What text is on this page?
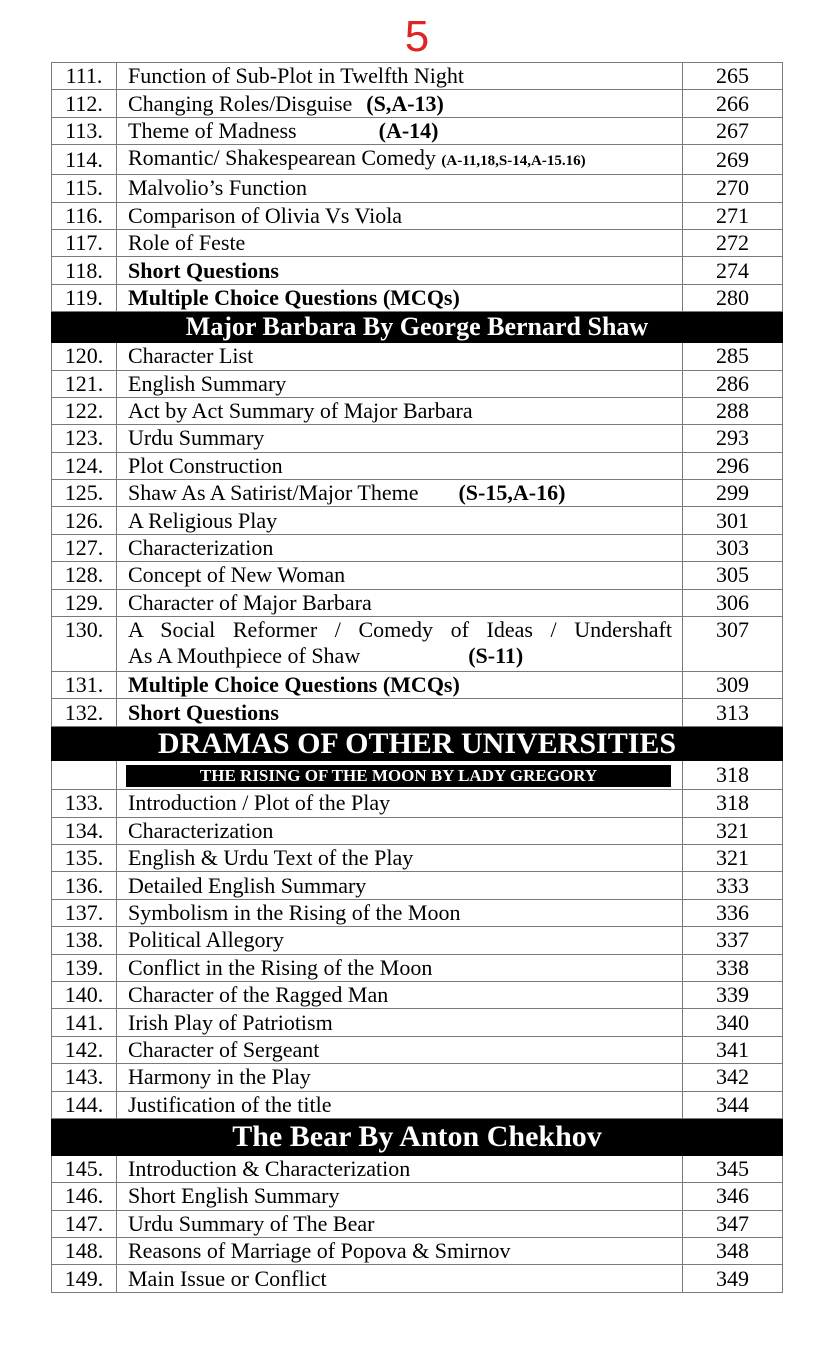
5
111.	Function of Sub-Plot in Twelfth Night	265
112.	Changing Roles/Disguise (S,A-13)	266
113.	Theme of Madness (A-14)	267
114.	Romantic/ Shakespearean Comedy (A-11,18,S-14,A-15.16)	269
115.	Malvolio’s Function	270
116.	Comparison of Olivia Vs Viola	271
117.	Role of Feste	272
118.	Short Questions	274
119.	Multiple Choice Questions (MCQs)	280
Major Barbara By George Bernard Shaw		
120.	Character List	285
121.	English Summary	286
122.	Act by Act Summary of Major Barbara	288
123.	Urdu Summary	293
124.	Plot Construction	296
125.	Shaw As A Satirist/Major Theme (S-15,A-16)	299
126.	A Religious Play	301
127.	Characterization	303
128.	Concept of New Woman	305
129.	Character of Major Barbara	306
130.	A Social Reformer / Comedy of Ideas / Undershaft
As A Mouthpiece of Shaw (S-11)	307
131.	Multiple Choice Questions (MCQs)	309
132.	Short Questions	313
DRAMAS OF OTHER UNIVERSITIES		

	THE RISING OF THE MOON BY LADY GREGORY	318
133.	Introduction / Plot of the Play	318
134.	Characterization	321
135.	English & Urdu Text of the Play	321
136.	Detailed English Summary	333
137.	Symbolism in the Rising of the Moon	336
138.	Political Allegory	337
139.	Conflict in the Rising of the Moon	338
140.	Character of the Ragged Man	339
141.	Irish Play of Patriotism	340
142.	Character of Sergeant	341
143.	Harmony in the Play	342
144.	Justification of the title	344
The Bear By Anton Chekhov		
145.	Introduction & Characterization	345
146.	Short English Summary	346
147.	Urdu Summary of The Bear	347
148.	Reasons of Marriage of Popova & Smirnov	348
149.	Main Issue or Conflict	349
